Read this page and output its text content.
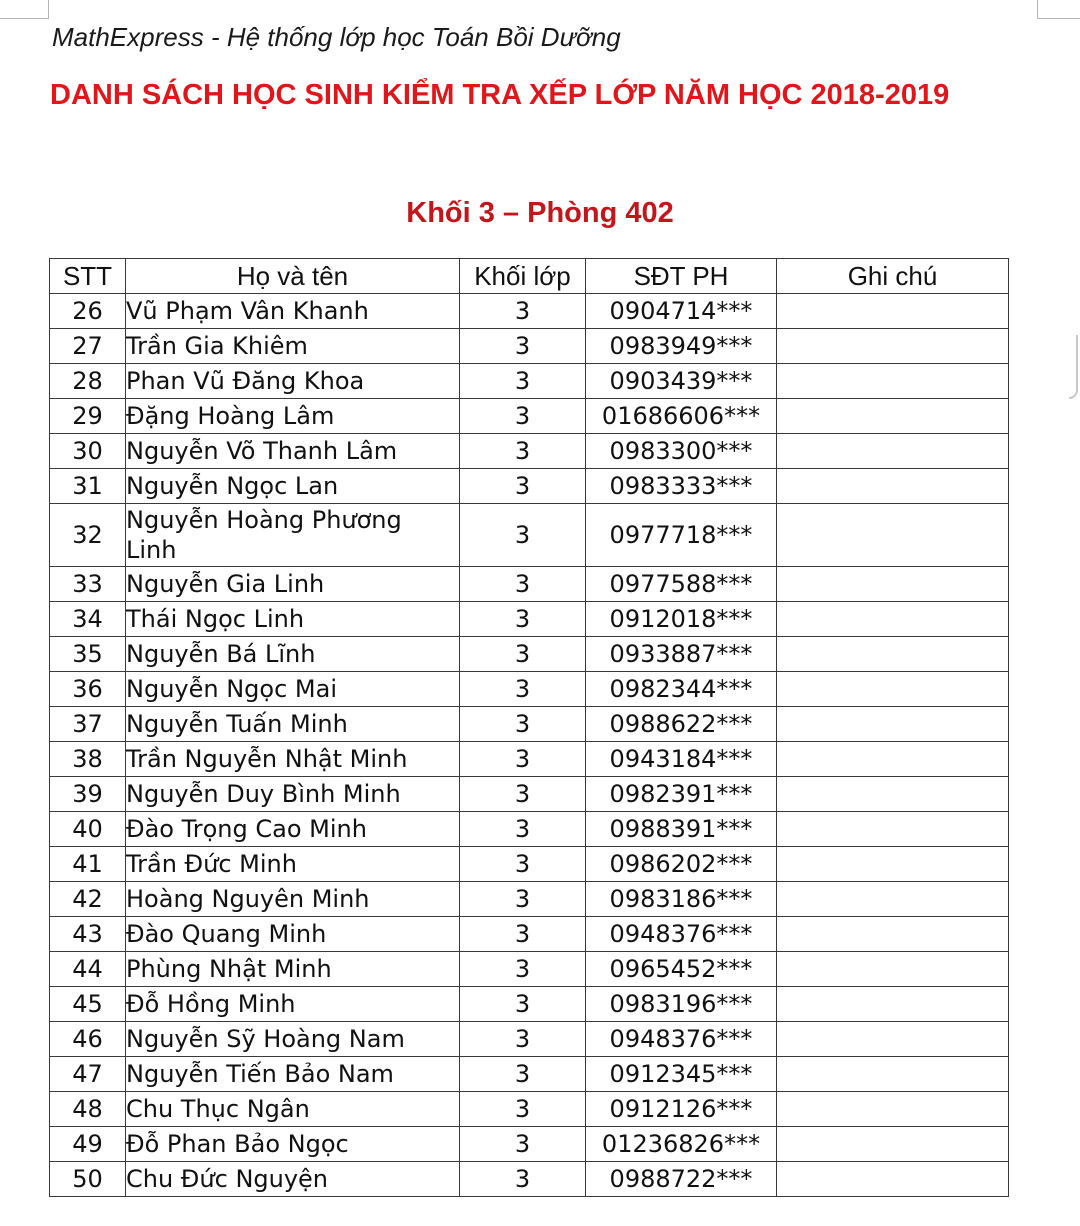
MathExpress - Hệ thống lớp học Toán Bồi Dưỡng
DANH SÁCH HỌC SINH KIỂM TRA XẾP LỚP NĂM HỌC 2018-2019
Khối 3 – Phòng 402
STT	Họ và tên	Khối lớp	SĐT PH	Ghi chú
26	Vũ Phạm Vân Khanh	3	0904714***	
27	Trần Gia Khiêm	3	0983949***	
28	Phan Vũ Đăng Khoa	3	0903439***	
29	Đặng Hoàng Lâm	3	01686606***	
30	Nguyễn Võ Thanh Lâm	3	0983300***	
31	Nguyễn Ngọc Lan	3	0983333***	
32	Nguyễn Hoàng Phương Linh	3	0977718***	
33	Nguyễn Gia Linh	3	0977588***	
34	Thái Ngọc Linh	3	0912018***	
35	Nguyễn Bá Lĩnh	3	0933887***	
36	Nguyễn Ngọc Mai	3	0982344***	
37	Nguyễn Tuấn Minh	3	0988622***	
38	Trần Nguyễn Nhật Minh	3	0943184***	
39	Nguyễn Duy Bình Minh	3	0982391***	
40	Đào Trọng Cao Minh	3	0988391***	
41	Trần Đức Minh	3	0986202***	
42	Hoàng Nguyên Minh	3	0983186***	
43	Đào Quang Minh	3	0948376***	
44	Phùng Nhật Minh	3	0965452***	
45	Đỗ Hồng Minh	3	0983196***	
46	Nguyễn Sỹ Hoàng Nam	3	0948376***	
47	Nguyễn Tiến Bảo Nam	3	0912345***	
48	Chu Thục Ngân	3	0912126***	
49	Đỗ Phan Bảo Ngọc	3	01236826***	
50	Chu Đức Nguyện	3	0988722***	
